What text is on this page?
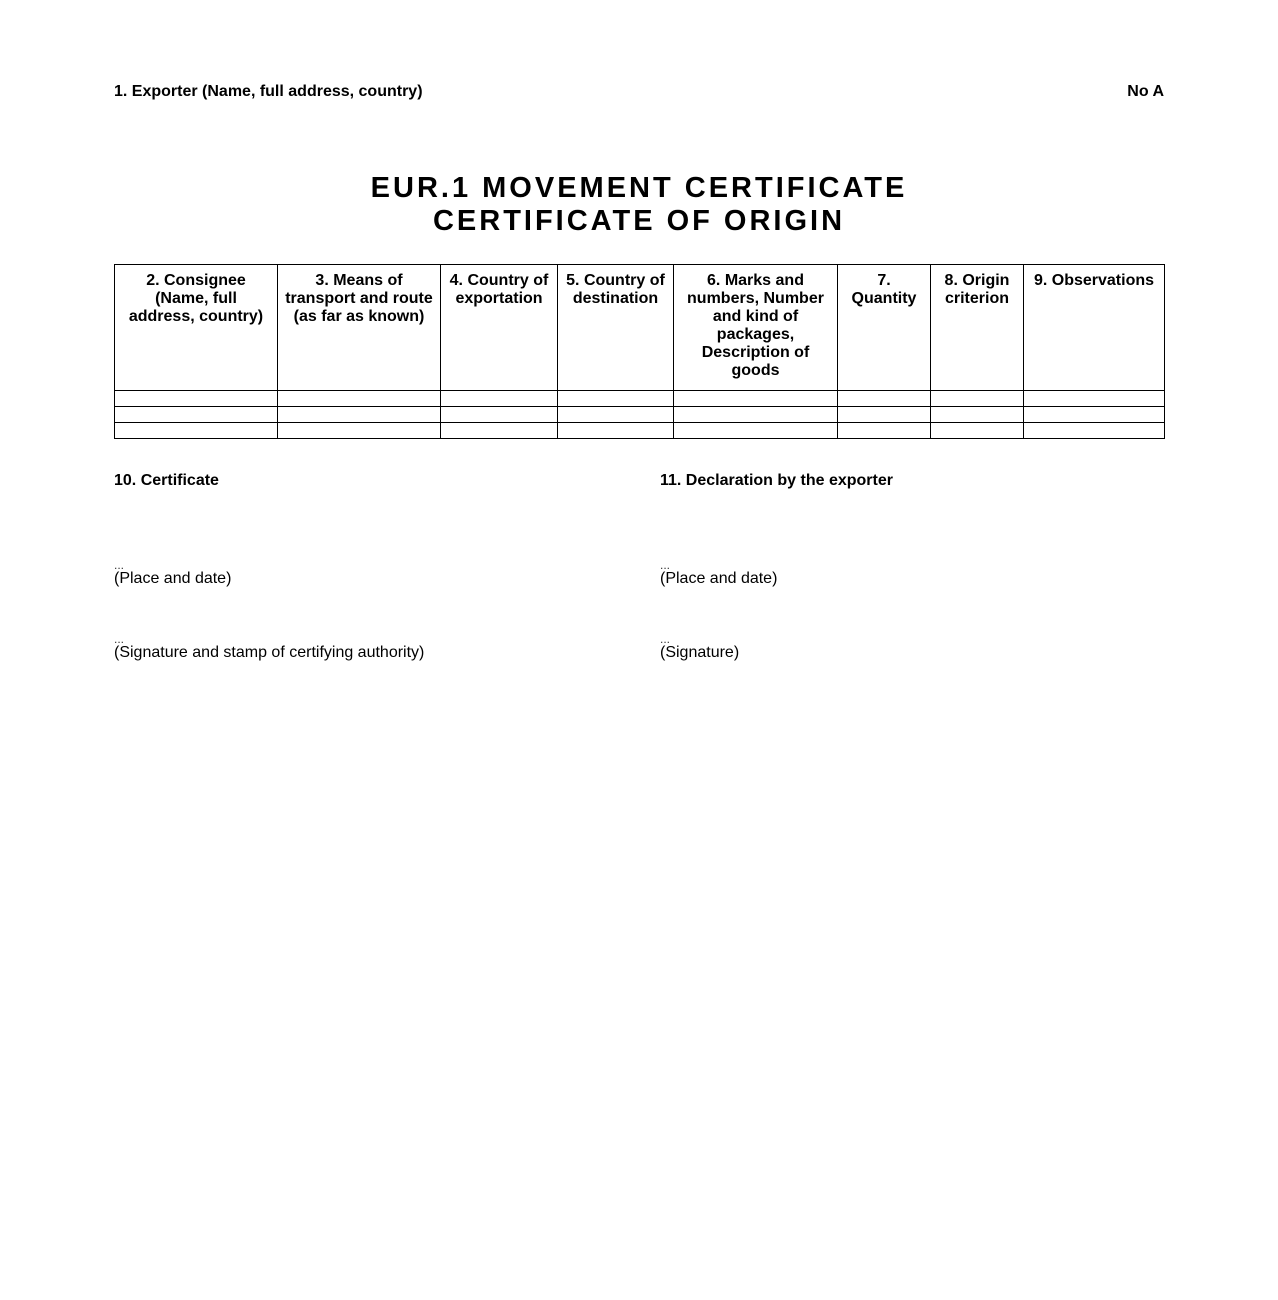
1. Exporter (Name, full address, country)	No A
EUR.1 MOVEMENT CERTIFICATE
CERTIFICATE OF ORIGIN
2. Consignee (Name, full address, country)	3. Means of transport and route (as far as known)	4. Country of exportation	5. Country of destination	6. Marks and numbers, Number and kind of packages, Description of goods	7. Quantity	8. Origin criterion	9. Observations

10. Certificate
...
(Place and date)
...
(Signature and stamp of certifying authority)
11. Declaration by the exporter
...
(Place and date)
...
(Signature)
